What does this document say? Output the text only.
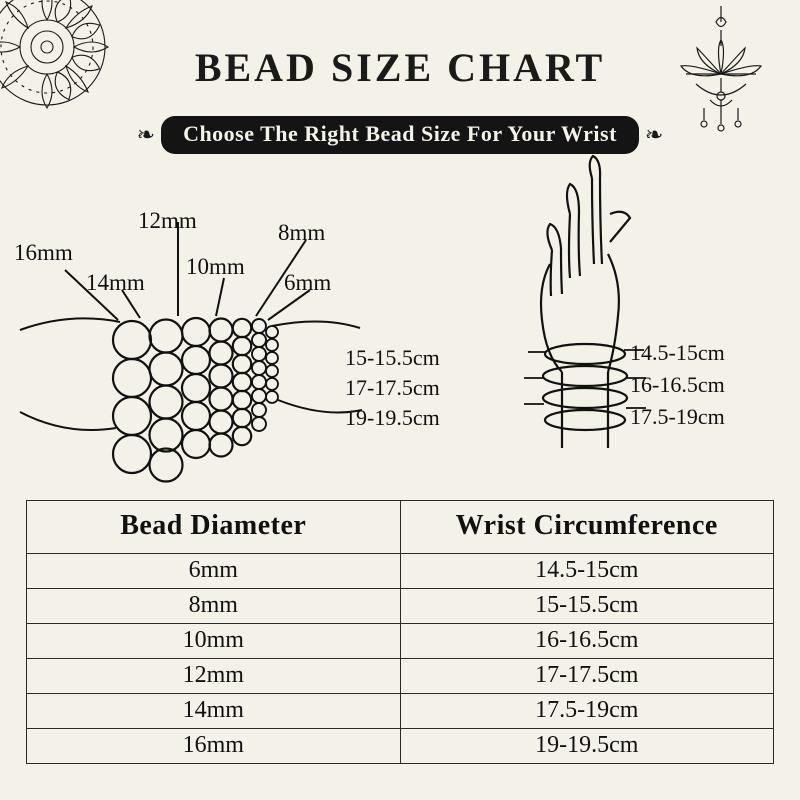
BEAD SIZE CHART
❧	Choose The Right Bead Size For Your Wrist	❧
16mm
14mm
12mm
10mm
8mm
6mm
15-15.5cm
17-17.5cm
19-19.5cm
14.5-15cm
16-16.5cm
17.5-19cm
Bead Diameter	Wrist Circumference
6mm	14.5-15cm
8mm	15-15.5cm
10mm	16-16.5cm
12mm	17-17.5cm
14mm	17.5-19cm
16mm	19-19.5cm
